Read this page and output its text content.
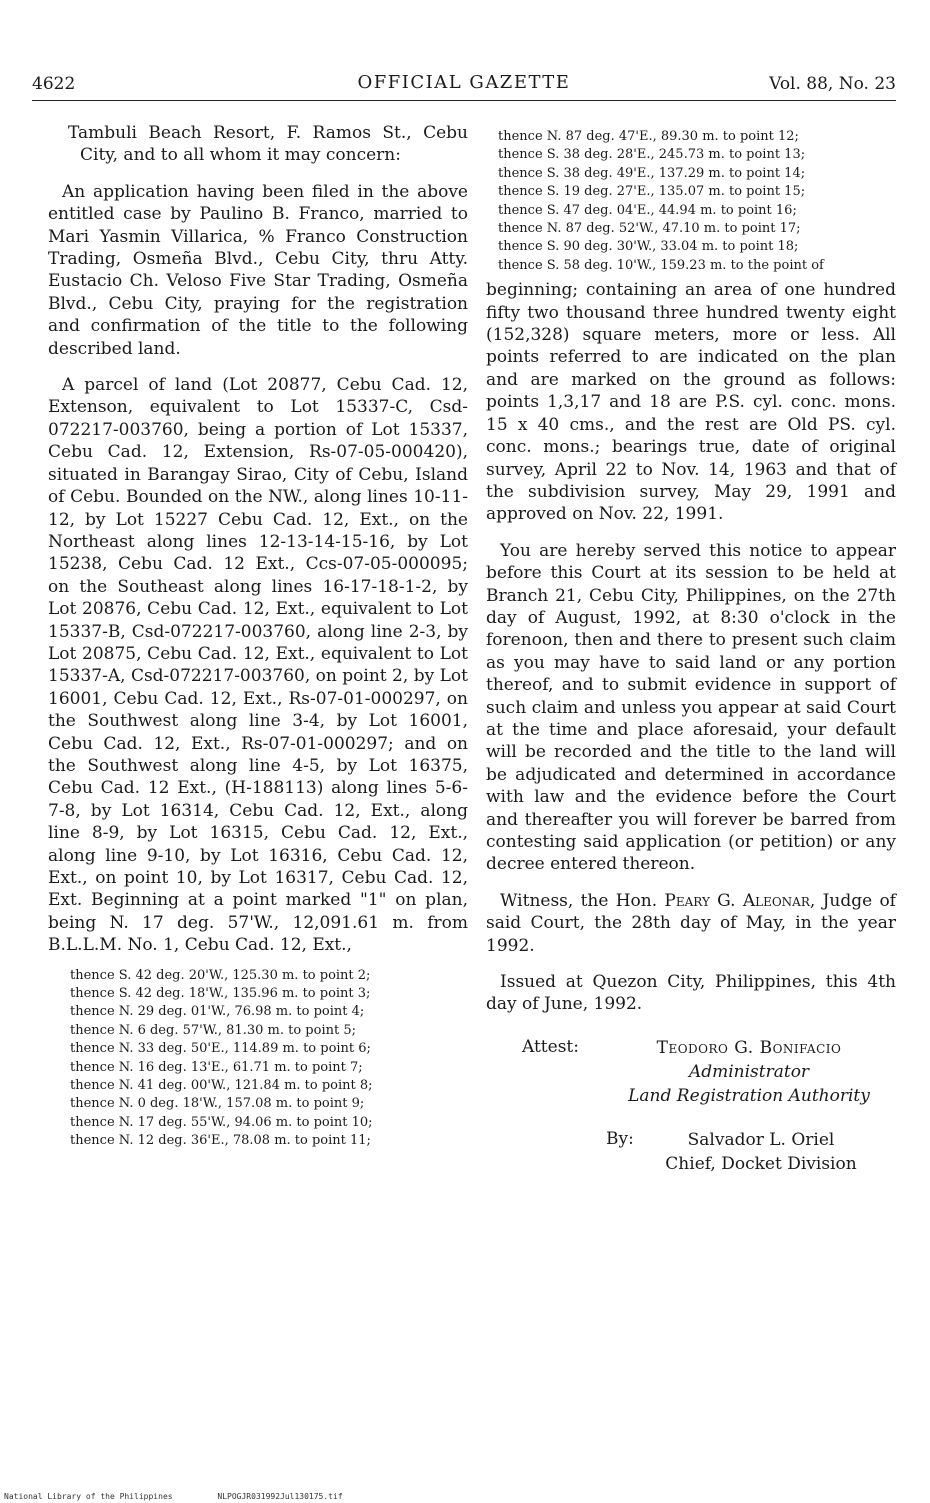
4622	OFFICIAL GAZETTE	Vol. 88, No. 23

Tambuli Beach Resort, F. Ramos St., Cebu City, and to all whom it may concern:

An application having been filed in the above entitled case by Paulino B. Franco, married to Mari Yasmin Villarica, % Franco Construction Trading, Osmeña Blvd., Cebu City, thru Atty. Eustacio Ch. Veloso Five Star Trading, Osmeña Blvd., Cebu City, praying for the registration and confirmation of the title to the following described land.

A parcel of land (Lot 20877, Cebu Cad. 12, Extenson, equivalent to Lot 15337-C, Csd-072217-003760, being a portion of Lot 15337, Cebu Cad. 12, Extension, Rs-07-05-000420), situated in Barangay Sirao, City of Cebu, Island of Cebu. Bounded on the NW., along lines 10-11-12, by Lot 15227 Cebu Cad. 12, Ext., on the Northeast along lines 12-13-14-15-16, by Lot 15238, Cebu Cad. 12 Ext., Ccs-07-05-000095; on the Southeast along lines 16-17-18-1-2, by Lot 20876, Cebu Cad. 12, Ext., equivalent to Lot 15337-B, Csd-072217-003760, along line 2-3, by Lot 20875, Cebu Cad. 12, Ext., equivalent to Lot 15337-A, Csd-072217-003760, on point 2, by Lot 16001, Cebu Cad. 12, Ext., Rs-07-01-000297, on the Southwest along line 3-4, by Lot 16001, Cebu Cad. 12, Ext., Rs-07-01-000297; and on the Southwest along line 4-5, by Lot 16375, Cebu Cad. 12 Ext., (H-188113) along lines 5-6-7-8, by Lot 16314, Cebu Cad. 12, Ext., along line 8-9, by Lot 16315, Cebu Cad. 12, Ext., along line 9-10, by Lot 16316, Cebu Cad. 12, Ext., on point 10, by Lot 16317, Cebu Cad. 12, Ext. Beginning at a point marked "1" on plan, being N. 17 deg. 57'W., 12,091.61 m. from B.L.L.M. No. 1, Cebu Cad. 12, Ext.,

thence S. 42 deg. 20'W., 125.30 m. to point 2;
thence S. 42 deg. 18'W., 135.96 m. to point 3;
thence N. 29 deg. 01'W., 76.98 m. to point 4;
thence N. 6 deg. 57'W., 81.30 m. to point 5;
thence N. 33 deg. 50'E., 114.89 m. to point 6;
thence N. 16 deg. 13'E., 61.71 m. to point 7;
thence N. 41 deg. 00'W., 121.84 m. to point 8;
thence N. 0 deg. 18'W., 157.08 m. to point 9;
thence N. 17 deg. 55'W., 94.06 m. to point 10;
thence N. 12 deg. 36'E., 78.08 m. to point 11;
thence N. 87 deg. 47'E., 89.30 m. to point 12;
thence S. 38 deg. 28'E., 245.73 m. to point 13;
thence S. 38 deg. 49'E., 137.29 m. to point 14;
thence S. 19 deg. 27'E., 135.07 m. to point 15;
thence S. 47 deg. 04'E., 44.94 m. to point 16;
thence N. 87 deg. 52'W., 47.10 m. to point 17;
thence S. 90 deg. 30'W., 33.04 m. to point 18;
thence S. 58 deg. 10'W., 159.23 m. to the point of

beginning; containing an area of one hundred fifty two thousand three hundred twenty eight (152,328) square meters, more or less. All points referred to are indicated on the plan and are marked on the ground as follows: points 1,3,17 and 18 are P.S. cyl. conc. mons. 15 x 40 cms., and the rest are Old PS. cyl. conc. mons.; bearings true, date of original survey, April 22 to Nov. 14, 1963 and that of the subdivision survey, May 29, 1991 and approved on Nov. 22, 1991.

You are hereby served this notice to appear before this Court at its session to be held at Branch 21, Cebu City, Philippines, on the 27th day of August, 1992, at 8:30 o'clock in the forenoon, then and there to present such claim as you may have to said land or any portion thereof, and to submit evidence in support of such claim and unless you appear at said Court at the time and place aforesaid, your default will be recorded and the title to the land will be adjudicated and determined in accordance with law and the evidence before the Court and thereafter you will forever be barred from contesting said application (or petition) or any decree entered thereon.

Witness, the Hon. Peary G. Aleonar, Judge of said Court, the 28th day of May, in the year 1992.

Issued at Quezon City, Philippines, this 4th day of June, 1992.

Attest:	Teodoro G. Bonifacio
Administrator
Land Registration Authority
By:	Salvador L. Oriel
Chief, Docket Division
National Library of the Philippines	NLPOGJR031992Jul130175.tif
